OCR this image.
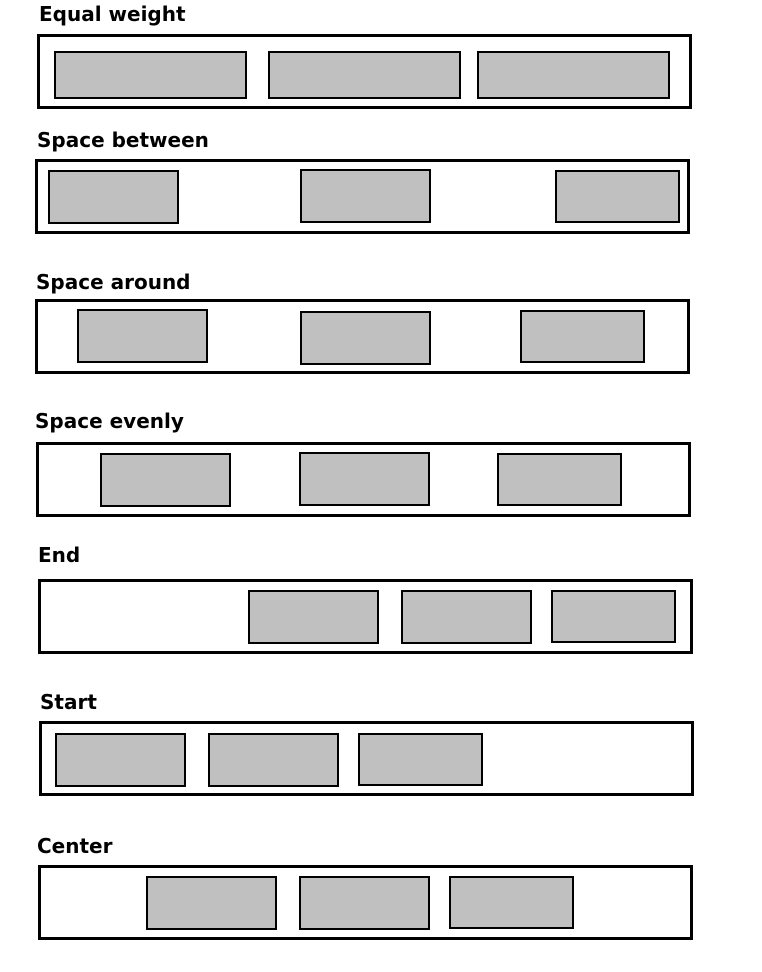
Equal weight
Space between
Space around
Space evenly
End
Start
Center
